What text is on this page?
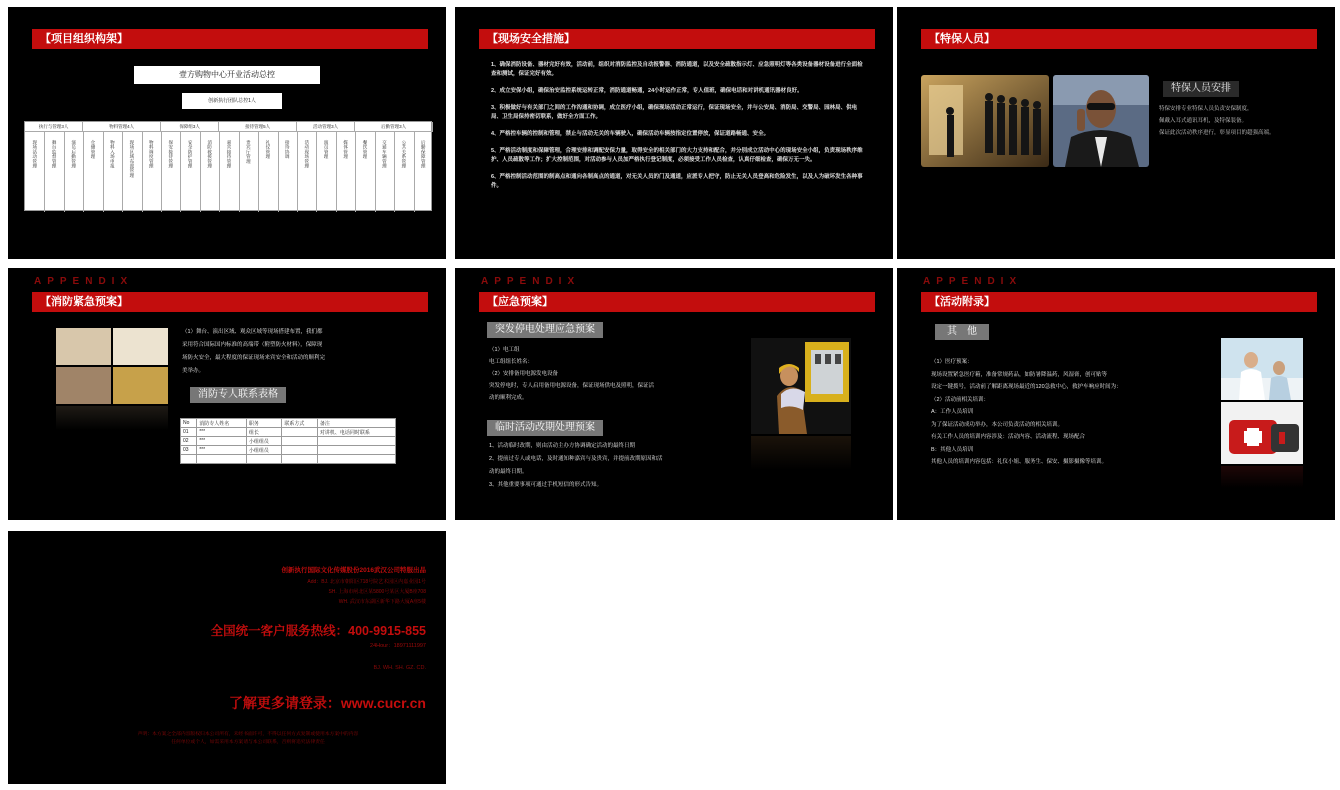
【项目组织构架】
壹方购物中心开业活动总控
创新执行团队总控1人
执行与管理3人
现场活动管理	舞台监督管理	演员后勤管理
物料管理4人
仓储管理	物料入场申报	现场区域布置管理	物料调度管理
保障组3人
保安接待管理	安全防护管理	消防救援管理
接待管理5人
嘉宾接待管理	贵宾厅管理	礼仪管理	接待协调
活动管理3人
活动现场管理	演员管理	媒体管理
后勤管理3人
餐饮管理	交通车辆管理	公共关系管理	后勤保障管理
【现场安全措施】
1、确保消防设备、器材完好有效，活动前，组织对消防监控及自动报警器、消防通道，以及安全疏散指示灯、应急照明灯等各类设备器材设备进行全面检查和测试，保证完好有效。
2、成立安保小组，确保治安监控系统运转正常，消防通道畅通，24小时运作正常，专人值班，确保电话和对讲机通讯器材良好。
3、积极做好与有关部门之间的工作沟通和协调，成立医疗小组，确保现场活动正常运行，保证现场安全，并与公安局、消防局、交警局、园林局、供电局、卫生局保持密切联系，做好全方面工作。
4、严格控车辆的控制和管理，禁止与活动无关的车辆驶入，确保活动车辆按指定位置停放，保证道路畅通、安全。
5、严格活动制度和保障管理，合理安排和调配安保力量，取得安全的相关部门的大力支持和配合，并分别成立活动中心的现场安全小组，负责现场秩序维护、人员疏散等工作；扩大控制范围，对活动参与人员加严格执行登记制度，必须接受工作人员检查，认真仔细检查，确保万无一失。
6、严格控制活动范围的制高点和通向各制高点的通道，对无关人员的门及通道，应派专人把守，防止无关人员登高和危险发生，以及人为破坏发生各种事件。
【特保人员】
特保人员安排
特保安排专业特保人员负责安保制度，
佩戴入耳式通讯耳机，及特保装备。
保证此次活动秩序进行，彰显项目的超强高端。
APPENDIX
【消防紧急预案】
（1）舞台、演出区域、观众区域等现场搭建布置，我们都
采用符合国际国内标准的高端带（附塑防火材料），保障现
场防火安全，最大程度的保证现场来宾安全和活动的顺利完
美举办。
消防专人联系表格
No	消防专人姓名	职务	联系方式	备注
01	***	组长		对讲机、电话同时联系
02	***	小组组员		
03	***	小组组员		

APPENDIX
【应急预案】
突发停电处理应急预案
（1）电工组
电工组组长姓名：
（2）安排备用电源发电设备
突发停电时，专人启用备用电源设备，保证现场供电及照明，保证活
动的顺利完成。
临时活动改期处理预案
1、活动临时改期，则由活动主办方协调确定活动的最终日期
2、提前过专人或电话，及时通知种嘉宾与及贵宾，并提前改期原因和活
动的最终日期。
3、其他重要事项可通过手机短信的形式告知。
APPENDIX
【活动附录】
其　他
（1）医疗预案：
现场设置紧急医疗箱，准备常规药品，如防暑降温药，风湿膏，创可贴等
设定一键拨号，活动前了解距离现场最近的120急救中心，救护车响应时间为：
（2）活动前相关培训：
A：工作人员培训
为了保证活动成功举办，本公司负责活动的相关培训。
有关工作人员的培训内容涉及：活动内容、活动流程、现场配合
B：其他人员培训
其他人员的培训内容包括：礼仪小姐、服务生、保安、摄影摄像等培训。
创新执行国际文化传媒股份2016武汉公司特服出品
Add：BJ. 北京市朝阳区718号院艺术园区内嘉业园1号
SH. 上海市闸北区某5800号某区大厦B座708
WH. 武汉市东湖区新华下路大厦A座5楼
全国统一客户服务热线：400-9915-855
24Hour：18971111997
BJ. WH. SH. GZ. CD.
了解更多请登录：www.cucr.cn
声明：本方案之全部内容版权归本公司所有，未经书面许可，不得以任何方式复制或使用本方案中的内容
任何单位或个人，如需采用本方案请与本公司联系，否则将追究法律责任
